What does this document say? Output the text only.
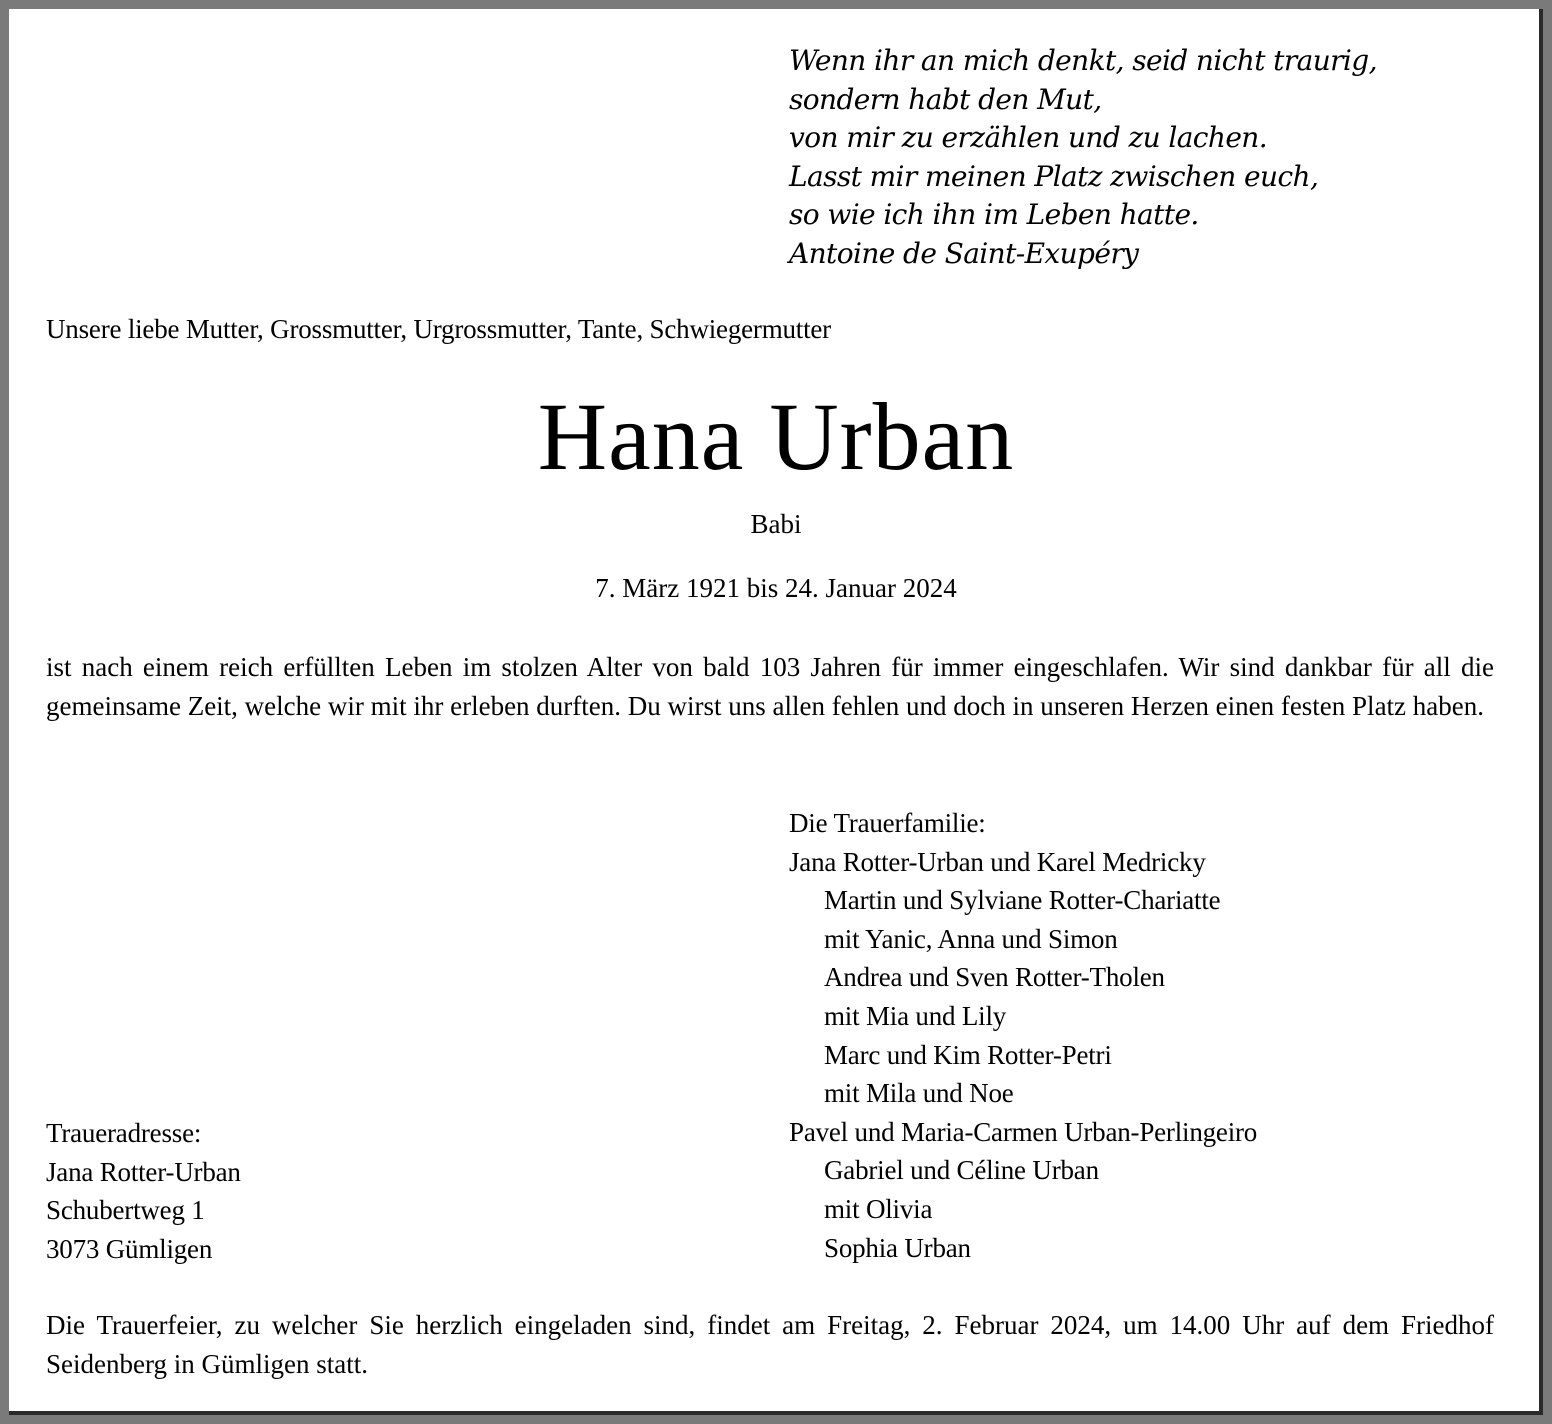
Wenn ihr an mich denkt, seid nicht traurig,
sondern habt den Mut,
von mir zu erzählen und zu lachen.
Lasst mir meinen Platz zwischen euch,
so wie ich ihn im Leben hatte.
Antoine de Saint-Exupéry
Unsere liebe Mutter, Grossmutter, Urgrossmutter, Tante, Schwiegermutter
Hana Urban
Babi
7. März 1921 bis 24. Januar 2024
ist nach einem reich erfüllten Leben im stolzen Alter von bald 103 Jahren für immer eingeschlafen. Wir sind dankbar für all die gemeinsame Zeit, welche wir mit ihr erleben durften. Du wirst uns allen fehlen und doch in unseren Herzen einen festen Platz haben.
Die Trauerfamilie:
Jana Rotter-Urban und Karel Medricky
Martin und Sylviane Rotter-Chariatte
mit Yanic, Anna und Simon
Andrea und Sven Rotter-Tholen
mit Mia und Lily
Marc und Kim Rotter-Petri
mit Mila und Noe
Pavel und Maria-Carmen Urban-Perlingeiro
Gabriel und Céline Urban
mit Olivia
Sophia Urban
Traueradresse:
Jana Rotter-Urban
Schubertweg 1
3073 Gümligen
Die Trauerfeier, zu welcher Sie herzlich eingeladen sind, findet am Freitag, 2. Februar 2024, um 14.00 Uhr auf dem Friedhof Seidenberg in Gümligen statt.
